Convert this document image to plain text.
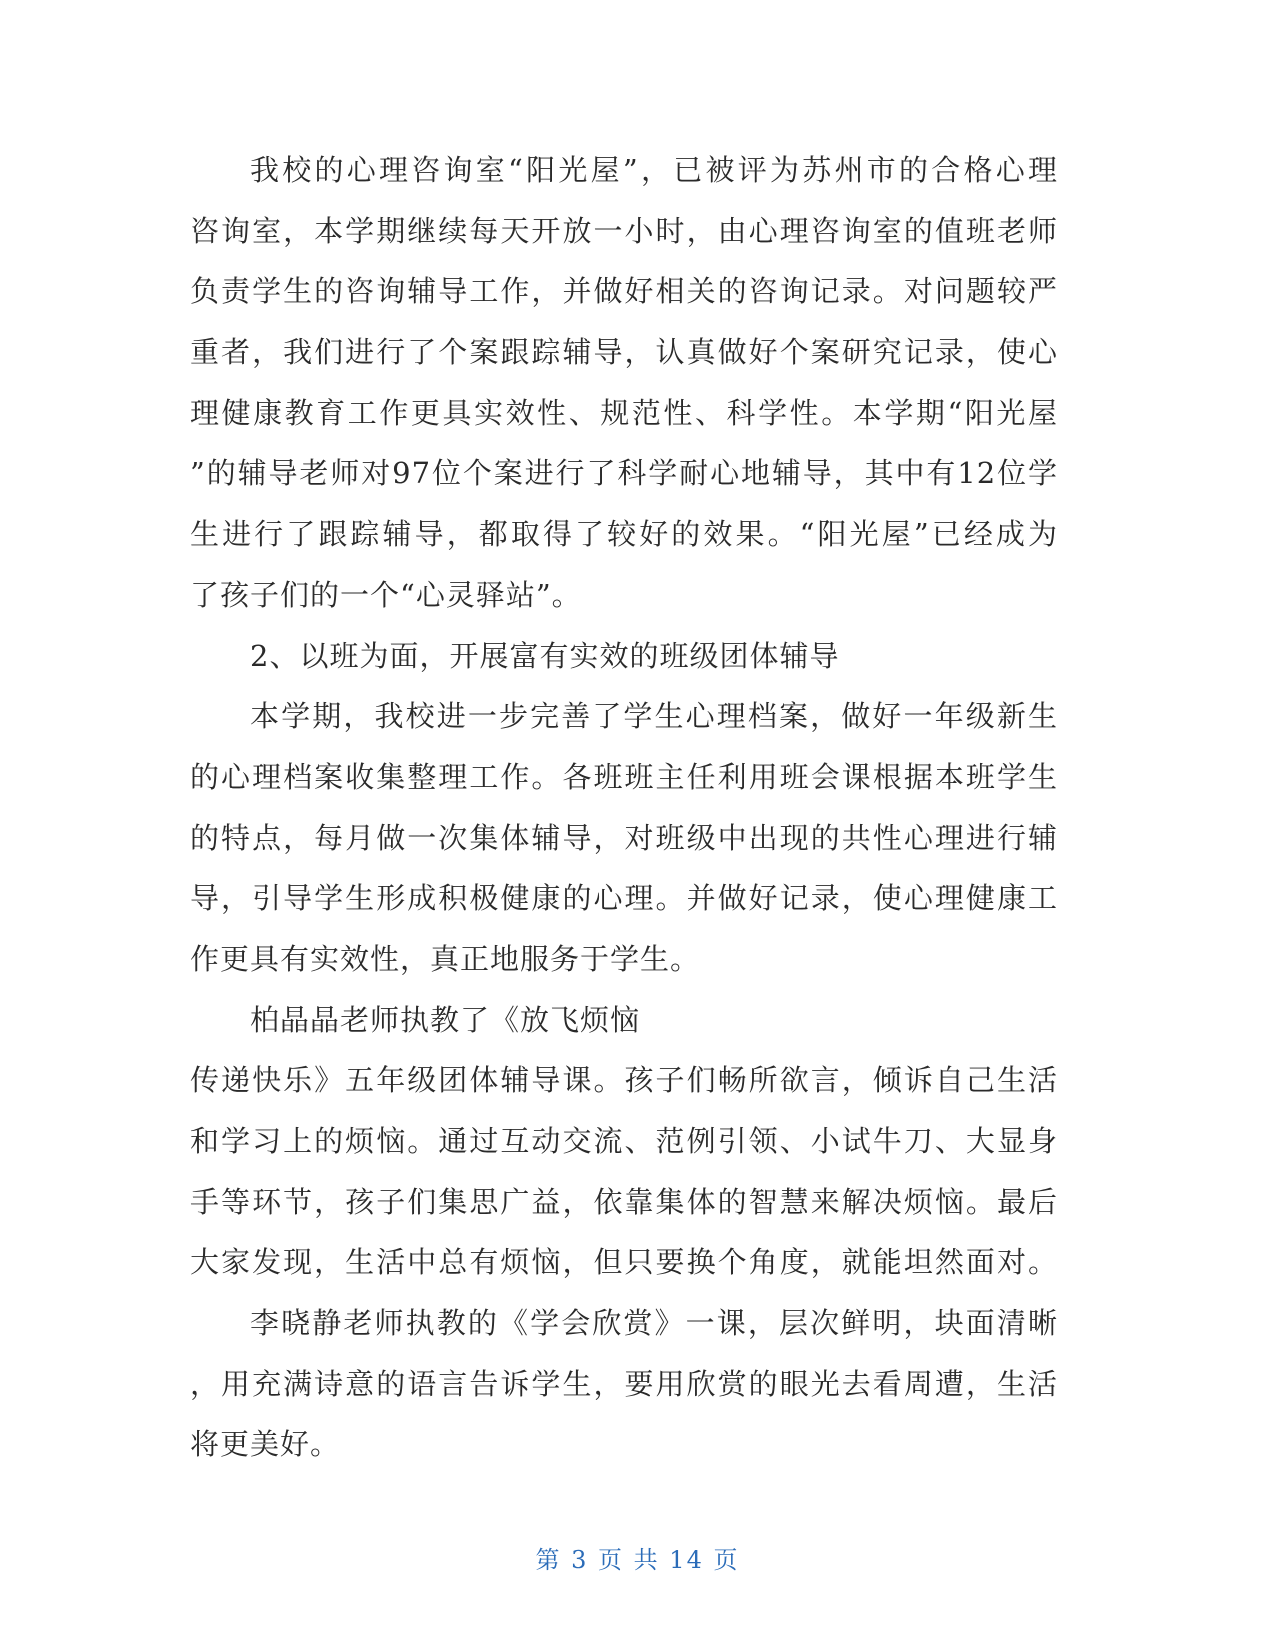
我校的心理咨询室“阳光屋”，已被评为苏州市的合格心理
咨询室，本学期继续每天开放一小时，由心理咨询室的值班老师
负责学生的咨询辅导工作，并做好相关的咨询记录。对问题较严
重者，我们进行了个案跟踪辅导，认真做好个案研究记录，使心
理健康教育工作更具实效性、规范性、科学性。本学期“阳光屋
”的辅导老师对97位个案进行了科学耐心地辅导，其中有12位学
生进行了跟踪辅导，都取得了较好的效果。“阳光屋”已经成为
了孩子们的一个“心灵驿站”。
2、以班为面，开展富有实效的班级团体辅导
本学期，我校进一步完善了学生心理档案，做好一年级新生
的心理档案收集整理工作。各班班主任利用班会课根据本班学生
的特点，每月做一次集体辅导，对班级中出现的共性心理进行辅
导，引导学生形成积极健康的心理。并做好记录，使心理健康工
作更具有实效性，真正地服务于学生。
柏晶晶老师执教了《放飞烦恼
传递快乐》五年级团体辅导课。孩子们畅所欲言，倾诉自己生活
和学习上的烦恼。通过互动交流、范例引领、小试牛刀、大显身
手等环节，孩子们集思广益，依靠集体的智慧来解决烦恼。最后
大家发现，生活中总有烦恼，但只要换个角度，就能坦然面对。
李晓静老师执教的《学会欣赏》一课，层次鲜明，块面清晰
，用充满诗意的语言告诉学生，要用欣赏的眼光去看周遭，生活
将更美好。
第 3 页 共 14 页
